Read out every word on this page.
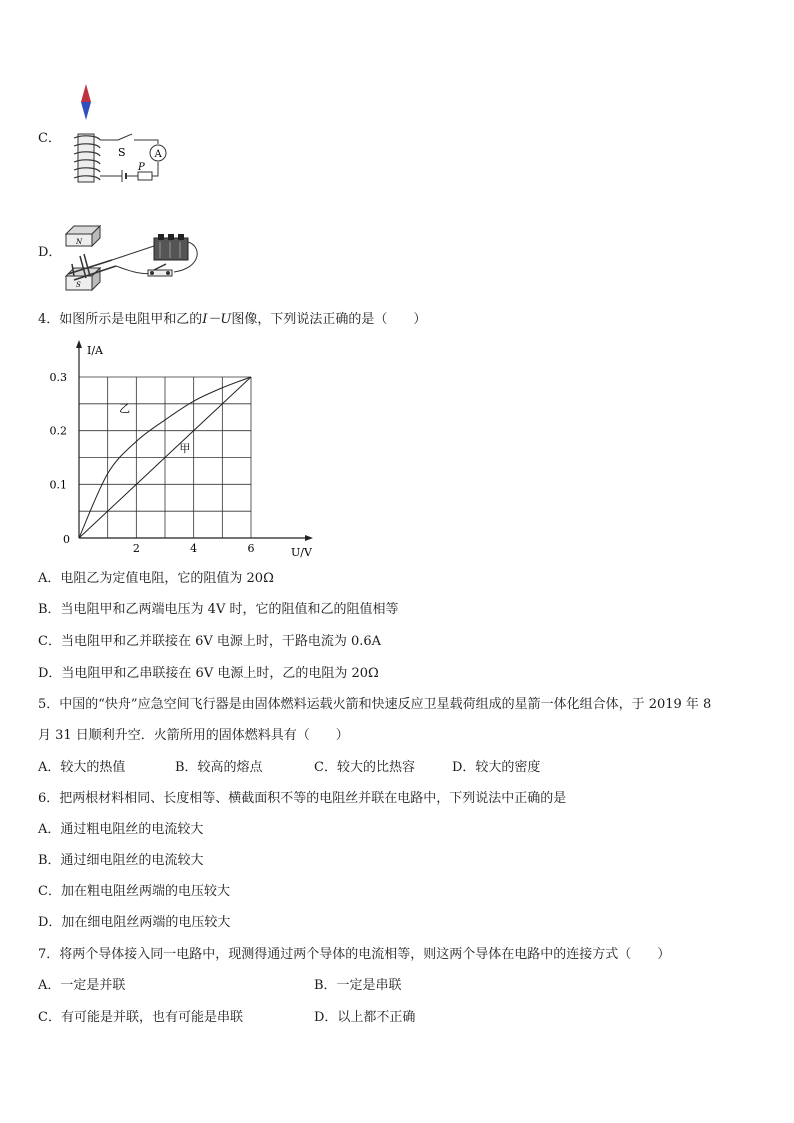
C．
S	A
P
D．
N
S
4．如图所示是电阻甲和乙的I－U图像，下列说法正确的是（　　）
I/A
U/V
0
2	4	6
0.1
0.2
0.3
甲
乙
A．电阻乙为定值电阻，它的阻值为 20Ω
B．当电阻甲和乙两端电压为 4V 时，它的阻值和乙的阻值相等
C．当电阻甲和乙并联接在 6V 电源上时，干路电流为 0.6A
D．当电阻甲和乙串联接在 6V 电源上时，乙的电阻为 20Ω
5．中国的“快舟”应急空间飞行器是由固体燃料运载火箭和快速反应卫星载荷组成的星箭一体化组合体，于 2019 年 8
月 31 日顺利升空．火箭所用的固体燃料具有（　　）
A．较大的热值	B．较高的熔点	C．较大的比热容	D．较大的密度
6．把两根材料相同、长度相等、横截面积不等的电阻丝并联在电路中，下列说法中正确的是
A．通过粗电阻丝的电流较大
B．通过细电阻丝的电流较大
C．加在粗电阻丝两端的电压较大
D．加在细电阻丝两端的电压较大
7．将两个导体接入同一电路中，现测得通过两个导体的电流相等，则这两个导体在电路中的连接方式（　　）
A．一定是并联	B．一定是串联
C．有可能是并联，也有可能是串联	D．以上都不正确
